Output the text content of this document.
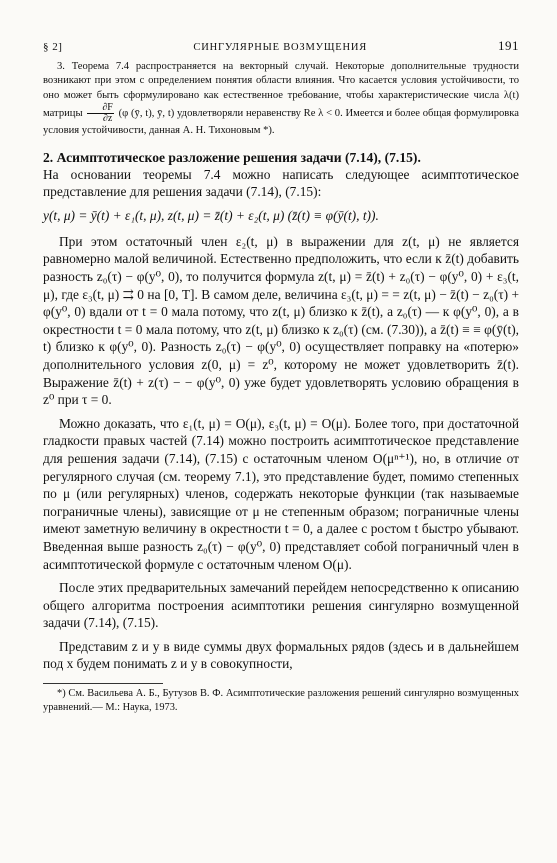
§ 2]	СИНГУЛЯРНЫЕ ВОЗМУЩЕНИЯ	191

3. Теорема 7.4 распространяется на векторный случай. Некоторые дополнительные трудности возникают при этом с определением понятия области влияния. Что касается условия устойчивости, то оно может быть сформулировано как естественное требование, чтобы характеристические числа λ(t) матрицы $\frac{\partial F}{\partial z} (\varphi$ (ȳ, t), ȳ, t) удовлетворяли неравенству Re λ < 0. Имеется и более общая формулировка условия устойчивости, данная А. Н. Тихоновым *).

2. Асимптотическое разложение решения задачи (7.14), (7.15).

На основании теоремы 7.4 можно написать следующее асимптотическое представление для решения задачи (7.14), (7.15):

y(t, μ) = ȳ(t) + ε₁(t, μ), z(t, μ) = z̄(t) + ε₂(t, μ) (z̄(t) ≡ φ(ȳ(t), t)).

При этом остаточный член ε₂(t, μ) в выражении для z(t, μ) не является равномерно малой величиной. Естественно предположить, что если к z̄(t) добавить разность z₀(τ) − φ(y⁰, 0), то получится формула z(t, μ) = z̄(t) + z₀(τ) − φ(y⁰, 0) + ε₃(t, μ), где ε₃(t, μ) ⇉ 0 на [0, T]. В самом деле, величина ε₃(t, μ) = = z(t, μ) − z̄(t) − z₀(τ) + φ(y⁰, 0) вдали от t = 0 мала потому, что z(t, μ) близко к z̄(t), а z₀(τ) — к φ(y⁰, 0), а в окрестности t = 0 мала потому, что z(t, μ) близко к z₀(τ) (см. (7.30)), а z̄(t) ≡ ≡ φ(ȳ(t), t) близко к φ(y⁰, 0). Разность z₀(τ) − φ(y⁰, 0) осуществляет поправку на «потерю» дополнительного условия z(0, μ) = z⁰, которому не может удовлетворить z̄(t). Выражение z̄(t) + z(τ) − − φ(y⁰, 0) уже будет удовлетворять условию обращения в z⁰ при τ = 0.

Можно доказать, что ε₁(t, μ) = O(μ), ε₃(t, μ) = O(μ). Более того, при достаточной гладкости правых частей (7.14) можно построить асимптотическое представление для решения задачи (7.14), (7.15) с остаточным членом O(μⁿ⁺¹), но, в отличие от регулярного случая (см. теорему 7.1), это представление будет, помимо степенных по μ (или регулярных) членов, содержать некоторые функции (так называемые пограничные члены), зависящие от μ не степенным образом; пограничные члены имеют заметную величину в окрестности t = 0, а далее с ростом t быстро убывают. Введенная выше разность z₀(τ) − φ(y⁰, 0) представляет собой пограничный член в асимптотической формуле с остаточным членом O(μ).

После этих предварительных замечаний перейдем непосредственно к описанию общего алгоритма построения асимптотики решения сингулярно возмущенной задачи (7.14), (7.15).

Представим z и y в виде суммы двух формальных рядов (здесь и в дальнейшем под x будем понимать z и y в совокупности,

*) См. Васильева А. Б., Бутузов В. Ф. Асимптотические разложения решений сингулярно возмущенных уравнений.— М.: Наука, 1973.
